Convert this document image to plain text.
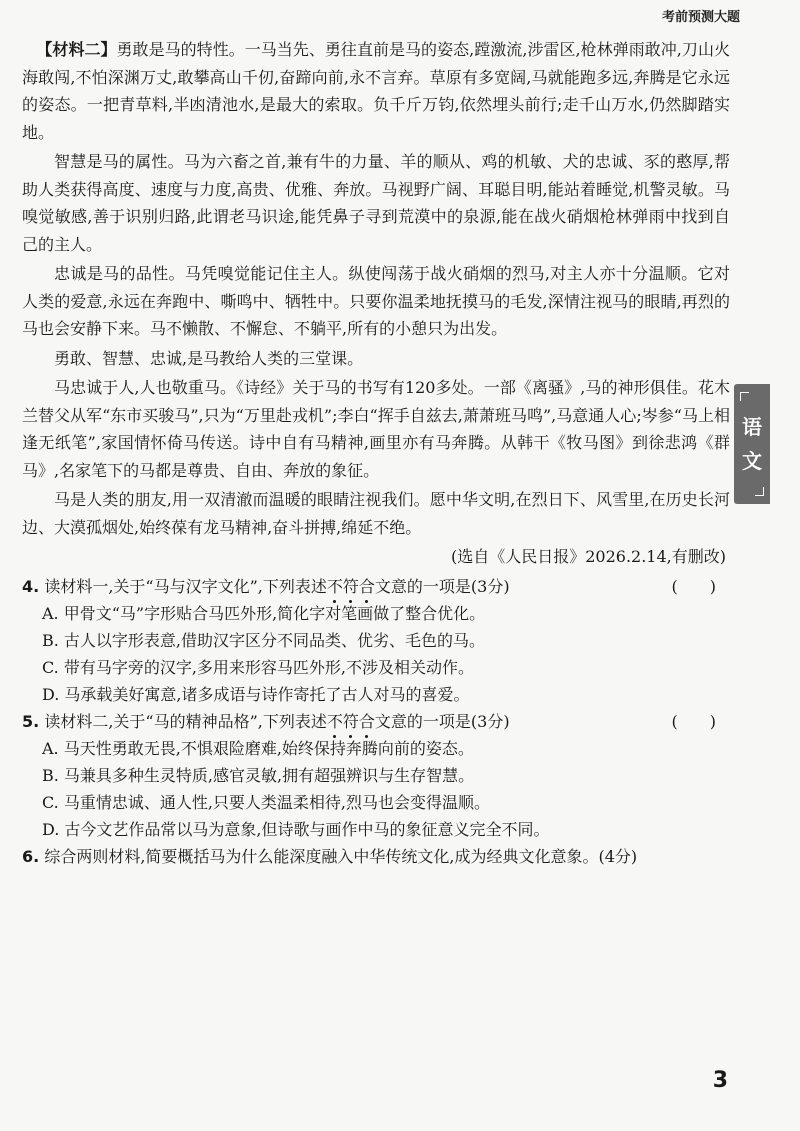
考前预测大题

【材料二】勇敢是马的特性。一马当先、勇往直前是马的姿态,蹚激流,涉雷区,枪林弹雨敢冲,刀山火海敢闯,不怕深渊万丈,敢攀高山千仞,奋蹄向前,永不言弃。草原有多宽阔,马就能跑多远,奔腾是它永远的姿态。一把青草料,半凼清池水,是最大的索取。负千斤万钧,依然埋头前行;走千山万水,仍然脚踏实地。

智慧是马的属性。马为六畜之首,兼有牛的力量、羊的顺从、鸡的机敏、犬的忠诚、豕的憨厚,帮助人类获得高度、速度与力度,高贵、优雅、奔放。马视野广阔、耳聪目明,能站着睡觉,机警灵敏。马嗅觉敏感,善于识别归路,此谓老马识途,能凭鼻子寻到荒漠中的泉源,能在战火硝烟枪林弹雨中找到自己的主人。

忠诚是马的品性。马凭嗅觉能记住主人。纵使闯荡于战火硝烟的烈马,对主人亦十分温顺。它对人类的爱意,永远在奔跑中、嘶鸣中、牺牲中。只要你温柔地抚摸马的毛发,深情注视马的眼睛,再烈的马也会安静下来。马不懒散、不懈怠、不躺平,所有的小憩只为出发。

勇敢、智慧、忠诚,是马教给人类的三堂课。

马忠诚于人,人也敬重马。《诗经》关于马的书写有120多处。一部《离骚》,马的神形俱佳。花木兰替父从军“东市买骏马”,只为“万里赴戎机”;李白“挥手自兹去,萧萧班马鸣”,马意通人心;岑参“马上相逢无纸笔”,家国情怀倚马传送。诗中自有马精神,画里亦有马奔腾。从韩干《牧马图》到徐悲鸿《群马》,名家笔下的马都是尊贵、自由、奔放的象征。

马是人类的朋友,用一双清澈而温暖的眼睛注视我们。愿中华文明,在烈日下、风雪里,在历史长河边、大漠孤烟处,始终葆有龙马精神,奋斗拼搏,绵延不绝。

(选自《人民日报》2026.2.14,有删改)
4. 读材料一,关于“马与汉字文化”,下列表述不符合文意的一项是(3分)	(　　)
A. 甲骨文“马”字形贴合马匹外形,简化字对笔画做了整合优化。
B. 古人以字形表意,借助汉字区分不同品类、优劣、毛色的马。
C. 带有马字旁的汉字,多用来形容马匹外形,不涉及相关动作。
D. 马承载美好寓意,诸多成语与诗作寄托了古人对马的喜爱。
5. 读材料二,关于“马的精神品格”,下列表述不符合文意的一项是(3分)	(　　)
A. 马天性勇敢无畏,不惧艰险磨难,始终保持奔腾向前的姿态。
B. 马兼具多种生灵特质,感官灵敏,拥有超强辨识与生存智慧。
C. 马重情忠诚、通人性,只要人类温柔相待,烈马也会变得温顺。
D. 古今文艺作品常以马为意象,但诗歌与画作中马的象征意义完全不同。
6. 综合两则材料,简要概括马为什么能深度融入中华传统文化,成为经典文化意象。(4分)
语
文
3
